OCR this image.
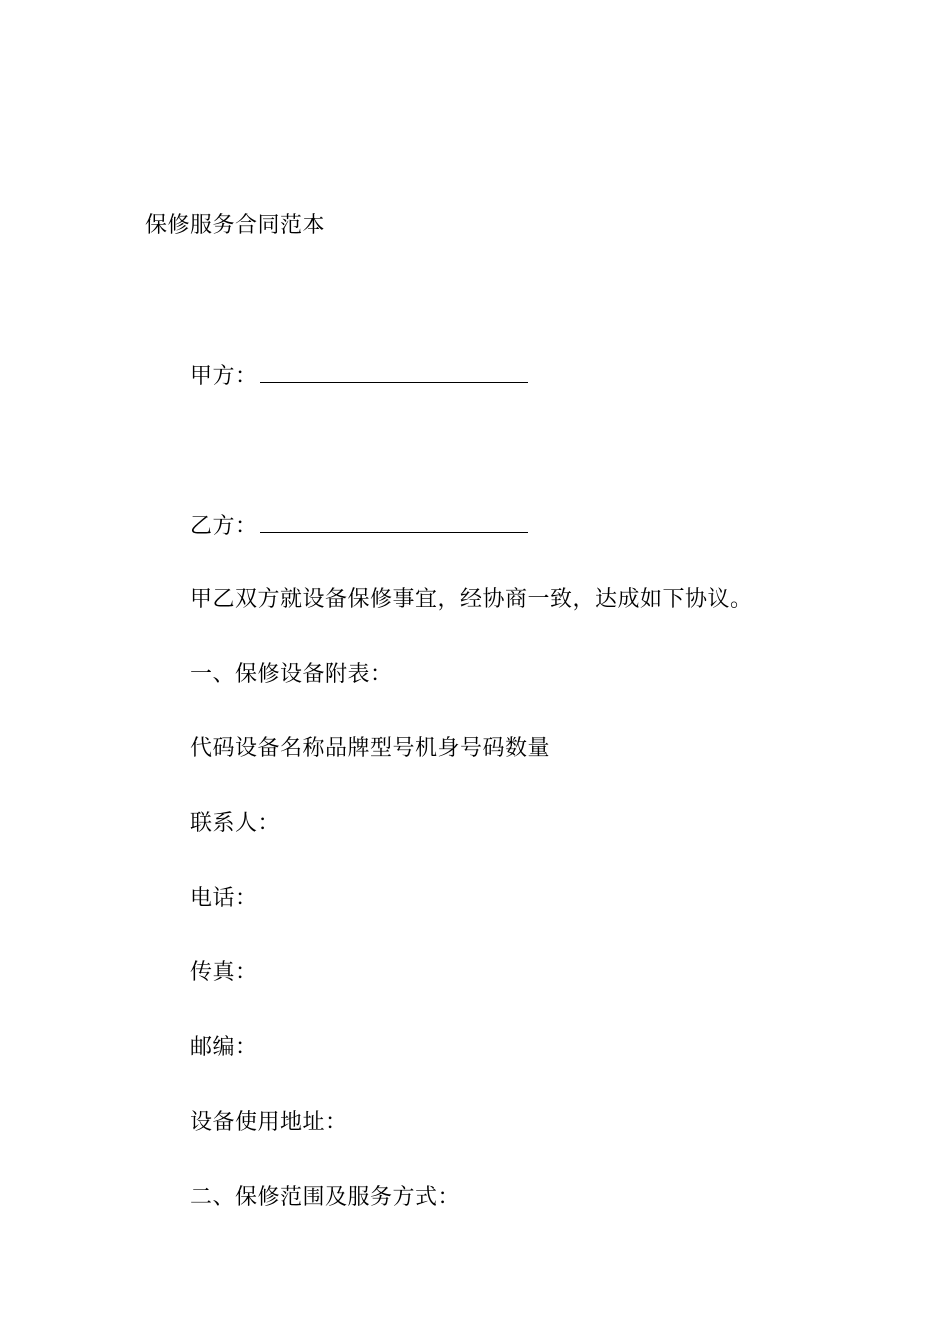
保修服务合同范本
甲方：
乙方：
甲乙双方就设备保修事宜，经协商一致，达成如下协议。
一、保修设备附表：
代码设备名称品牌型号机身号码数量
联系人：
电话：
传真：
邮编：
设备使用地址：
二、保修范围及服务方式：
